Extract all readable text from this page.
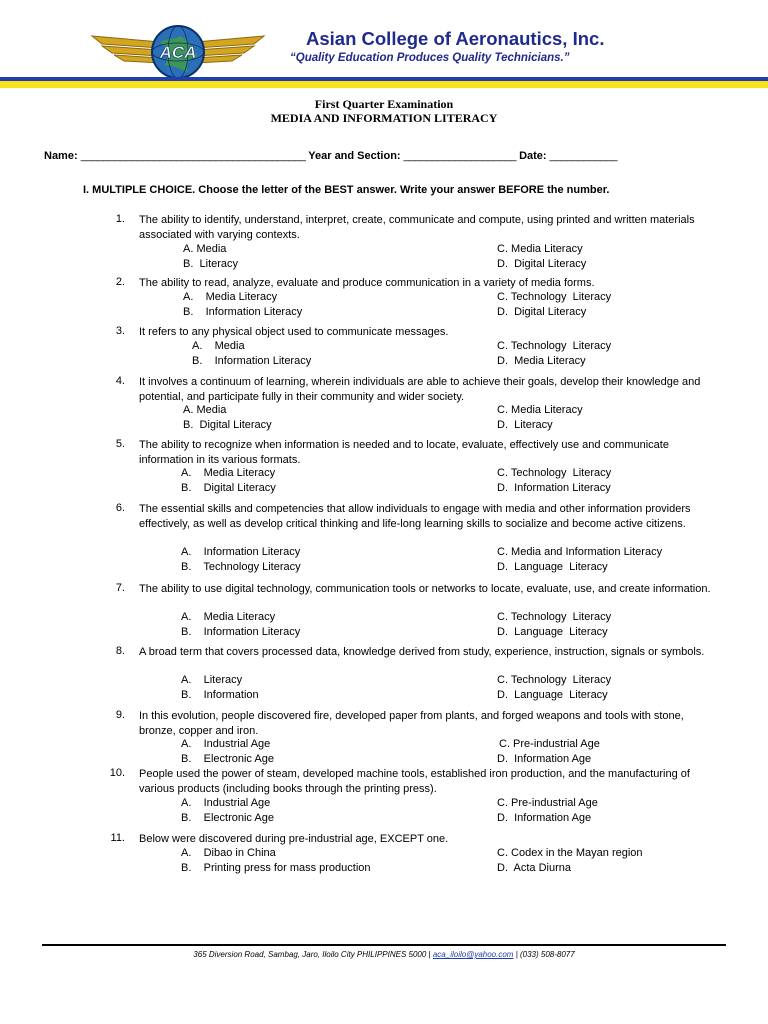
ACA
Asian College of Aeronautics, Inc.
“Quality Education Produces Quality Technicians.”
First Quarter Examination
MEDIA AND INFORMATION LITERACY
Name: ________________________________________ Year and Section: ____________________ Date: ____________
I. MULTIPLE CHOICE. Choose the letter of the BEST answer. Write your answer BEFORE the number.
1. The ability to identify, understand, interpret, create, communicate and compute, using printed and written materials associated with varying contexts.
A. Media
B.  Literacy
C. Media Literacy
D.  Digital Literacy
2. The ability to read, analyze, evaluate and produce communication in a variety of media forms.
A.    Media Literacy
B.    Information Literacy
C. Technology  Literacy
D.  Digital Literacy
3. It refers to any physical object used to communicate messages.
A.    Media
B.    Information Literacy
C. Technology  Literacy
D.  Media Literacy
4. It involves a continuum of learning, wherein individuals are able to achieve their goals, develop their knowledge and potential, and participate fully in their community and wider society.
A. Media
B.  Digital Literacy
C. Media Literacy
D.  Literacy
5. The ability to recognize when information is needed and to locate, evaluate, effectively use and communicate information in its various formats.
A.    Media Literacy
B.    Digital Literacy
C. Technology  Literacy
D.  Information Literacy
6. The essential skills and competencies that allow individuals to engage with media and other information providers effectively, as well as develop critical thinking and life-long learning skills to socialize and become active citizens.
A.    Information Literacy
B.    Technology Literacy
C. Media and Information Literacy
D.  Language  Literacy
7. The ability to use digital technology, communication tools or networks to locate, evaluate, use, and create information.
A.    Media Literacy
B.    Information Literacy
C. Technology  Literacy
D.  Language  Literacy
8. A broad term that covers processed data, knowledge derived from study, experience, instruction, signals or symbols.
A.    Literacy
B.    Information
C. Technology  Literacy
D.  Language  Literacy
9. In this evolution, people discovered fire, developed paper from plants, and forged weapons and tools with stone, bronze, copper and iron.
A.    Industrial Age
B.    Electronic Age
C. Pre-industrial Age
D.  Information Age
10. People used the power of steam, developed machine tools, established iron production, and the manufacturing of various products (including books through the printing press).
A.    Industrial Age
B.    Electronic Age
C. Pre-industrial Age
D.  Information Age
11. Below were discovered during pre-industrial age, EXCEPT one.
A.    Dibao in China
B.    Printing press for mass production
C. Codex in the Mayan region
D.  Acta Diurna
365 Diversion Road, Sambag, Jaro, Iloilo City PHILIPPINES 5000 | aca_iloilo@yahoo.com | (033) 508-8077
